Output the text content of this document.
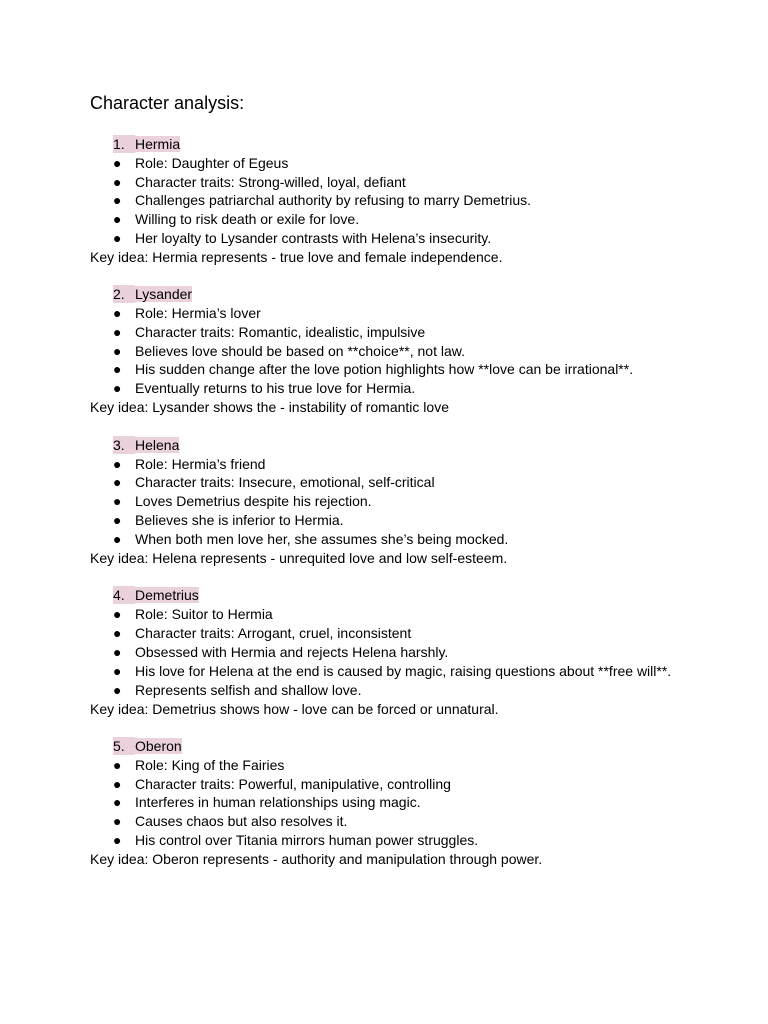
Character analysis:
1. Hermia
● Role: Daughter of Egeus
● Character traits: Strong-willed, loyal, defiant
● Challenges patriarchal authority by refusing to marry Demetrius.
● Willing to risk death or exile for love.
● Her loyalty to Lysander contrasts with Helena’s insecurity.
Key idea: Hermia represents - true love and female independence.
2. Lysander
● Role: Hermia’s lover
● Character traits: Romantic, idealistic, impulsive
● Believes love should be based on **choice**, not law.
● His sudden change after the love potion highlights how **love can be irrational**.
● Eventually returns to his true love for Hermia.
Key idea: Lysander shows the - instability of romantic love
3. Helena
● Role: Hermia’s friend
● Character traits: Insecure, emotional, self-critical
● Loves Demetrius despite his rejection.
● Believes she is inferior to Hermia.
● When both men love her, she assumes she’s being mocked.
Key idea: Helena represents - unrequited love and low self-esteem.
4. Demetrius
● Role: Suitor to Hermia
● Character traits: Arrogant, cruel, inconsistent
● Obsessed with Hermia and rejects Helena harshly.
● His love for Helena at the end is caused by magic, raising questions about **free will**.
● Represents selfish and shallow love.
Key idea: Demetrius shows how - love can be forced or unnatural.
5. Oberon
● Role: King of the Fairies
● Character traits: Powerful, manipulative, controlling
● Interferes in human relationships using magic.
● Causes chaos but also resolves it.
● His control over Titania mirrors human power struggles.
Key idea: Oberon represents - authority and manipulation through power.
